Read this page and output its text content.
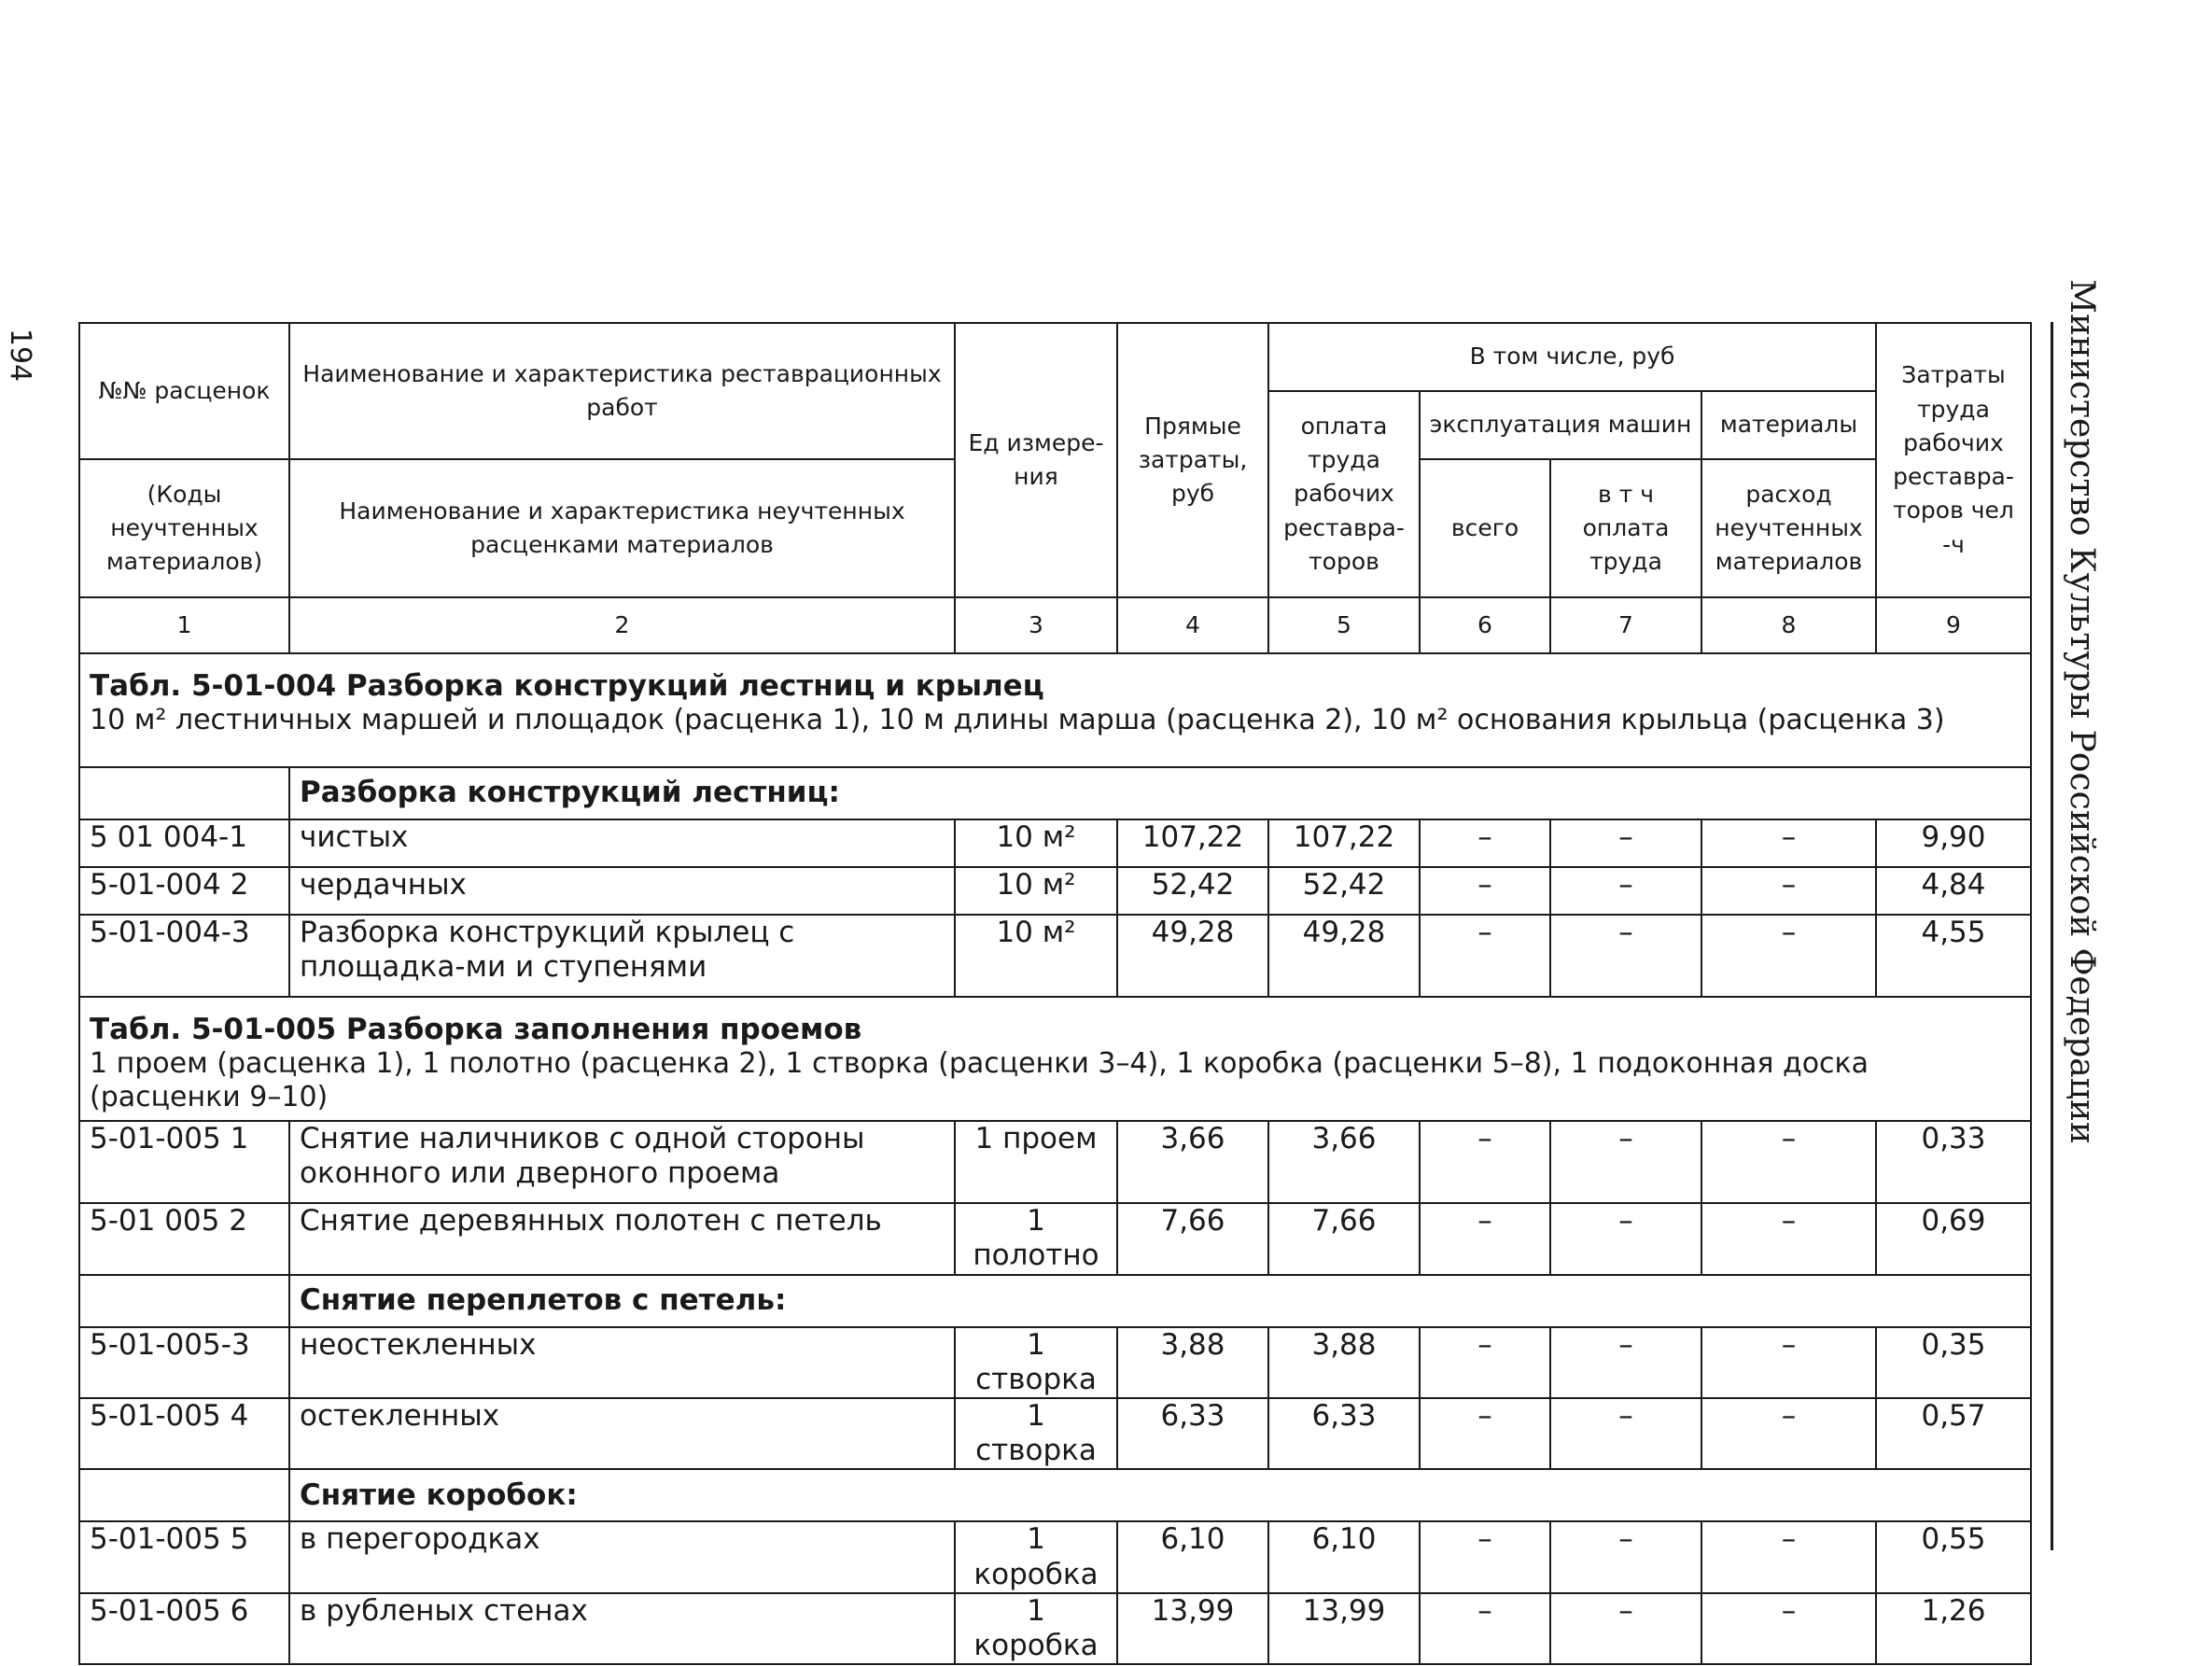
194	Министерство Культуры Российской Федерации
№№ расценок	Наименование и характеристика реставрационных работ	Ед измере-ния	Прямые затраты, руб	В том числе, руб				Затраты труда рабочих реставра-торов чел -ч
				оплата труда рабочих реставра-торов	эксплуатация машин		материалы	
(Коды неучтенных материалов)	Наименование и характеристика неучтенных расценками материалов				всего	в т ч оплата труда	расход неучтенных материалов	

1	2	3	4	5	6	7	8	9

Табл. 5-01-004 Разборка конструкций лестниц и крылец
10 м² лестничных маршей и площадок (расценка 1), 10 м длины марша (расценка 2), 10 м² основания крыльца (расценка 3)								

	Разборка конструкций лестниц:							
5 01 004-1	чистых	10 м²	107,22	107,22	–	–	–	9,90
5-01-004 2	чердачных	10 м²	52,42	52,42	–	–	–	4,84
5-01-004-3	Разборка конструкций крылец с площадка-ми и ступенями	10 м²	49,28	49,28	–	–	–	4,55

Табл. 5-01-005 Разборка заполнения проемов
1 проем (расценка 1), 1 полотно (расценка 2), 1 створка (расценки 3–4), 1 коробка (расценки 5–8), 1 подоконная доска (расценки 9–10)								

5-01-005 1	Снятие наличников с одной стороны оконного или дверного проема	1 проем	3,66	3,66	–	–	–	0,33
5-01 005 2	Снятие деревянных полотен с петель	1 полотно	7,66	7,66	–	–	–	0,69
	Снятие переплетов с петель:							
5-01-005-3	неостекленных	1 створка	3,88	3,88	–	–	–	0,35
5-01-005 4	остекленных	1 створка	6,33	6,33	–	–	–	0,57
	Снятие коробок:							
5-01-005 5	в перегородках	1 коробка	6,10	6,10	–	–	–	0,55
5-01-005 6	в рубленых стенах	1 коробка	13,99	13,99	–	–	–	1,26
